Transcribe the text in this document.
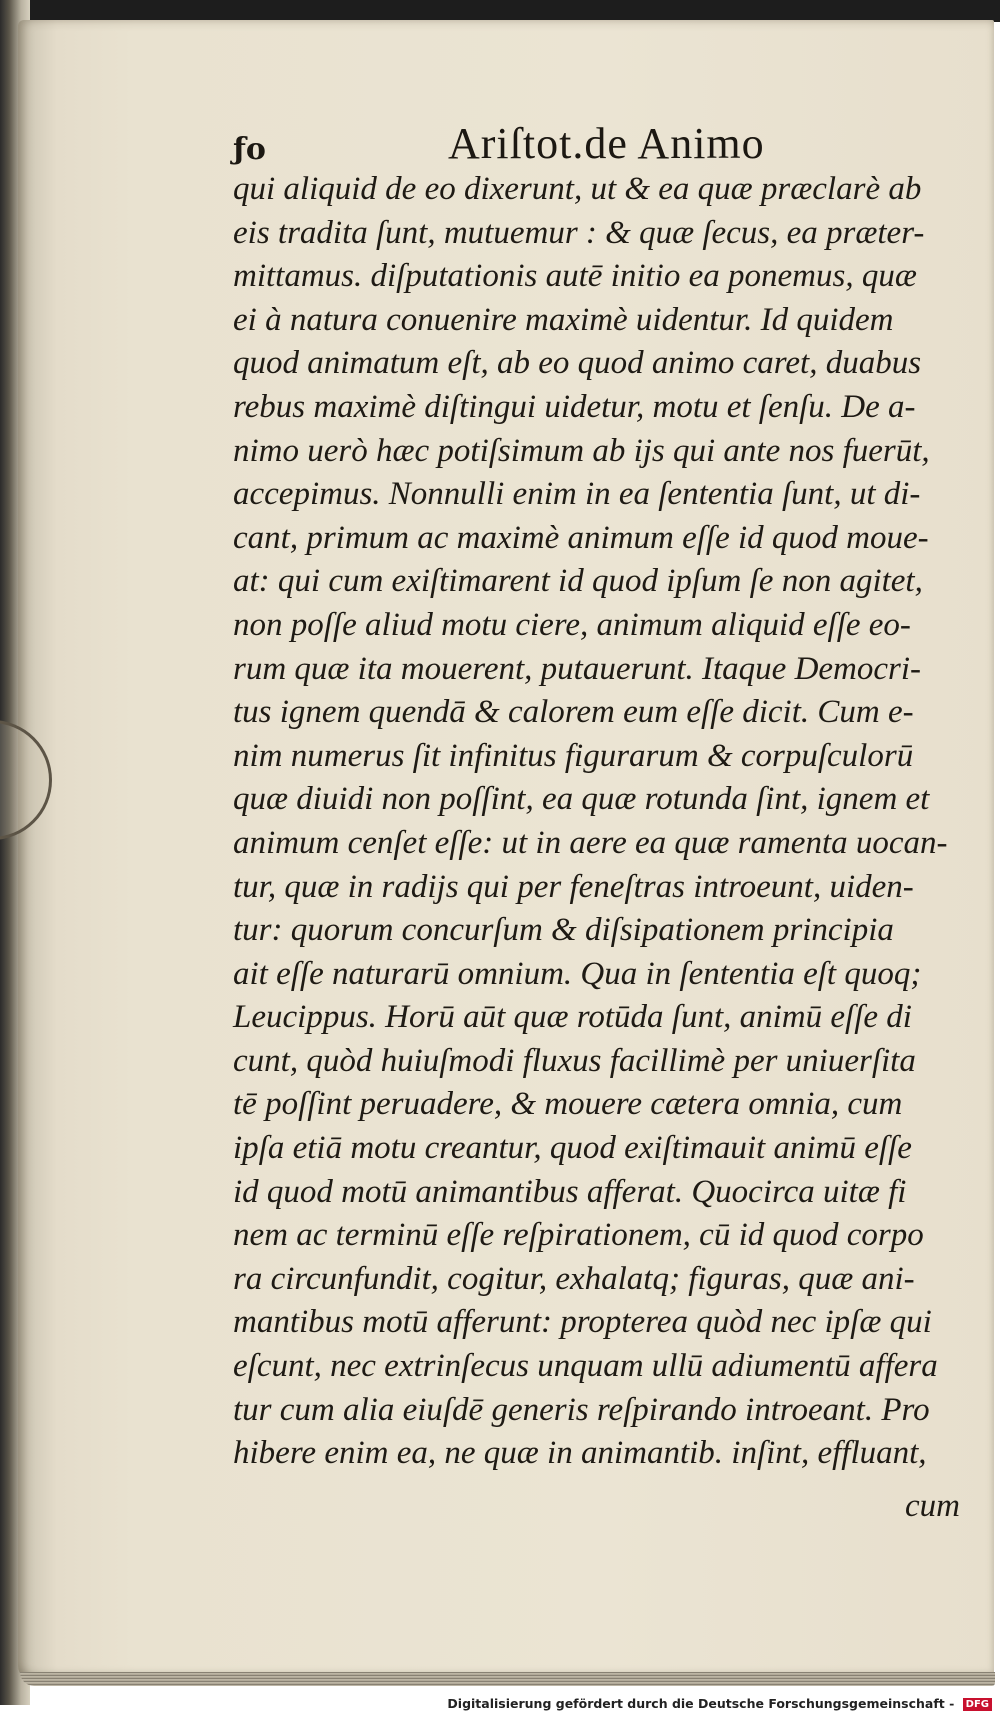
ƒo	Ariſtot.de Animo
qui aliquid de eo dixerunt, ut & ea quæ præclarè ab
eis tradita ſunt, mutuemur : & quæ ſecus, ea præter-
mittamus. diſputationis autē initio ea ponemus, quæ
ei à natura conuenire maximè uidentur. Id quidem
quod animatum eſt, ab eo quod animo caret, duabus
rebus maximè diſtingui uidetur, motu et ſenſu. De a-
nimo uerò hæc potiſsimum ab ijs qui ante nos fuerūt,
accepimus. Nonnulli enim in ea ſententia ſunt, ut di-
cant, primum ac maximè animum eſſe id quod moue-
at: qui cum exiſtimarent id quod ipſum ſe non agitet,
non poſſe aliud motu ciere, animum aliquid eſſe eo-
rum quæ ita mouerent, putauerunt. Itaque Democri-
tus ignem quendā & calorem eum eſſe dicit. Cum e-
nim numerus ſit infinitus figurarum & corpuſculorū
quæ diuidi non poſſint, ea quæ rotunda ſint, ignem et
animum cenſet eſſe: ut in aere ea quæ ramenta uocan-
tur, quæ in radijs qui per feneſtras introeunt, uiden-
tur: quorum concurſum & diſsipationem principia
ait eſſe naturarū omnium. Qua in ſententia eſt quoq;
Leucippus. Horū aūt quæ rotūda ſunt, animū eſſe di
cunt, quòd huiuſmodi fluxus facillimè per uniuerſita
tē poſſint peruadere, & mouere cætera omnia, cum
ipſa etiā motu creantur, quod exiſtimauit animū eſſe
id quod motū animantibus afferat. Quocirca uitæ fi
nem ac terminū eſſe reſpirationem, cū id quod corpo
ra circunfundit, cogitur, exhalatq; figuras, quæ ani-
mantibus motū afferunt: propterea quòd nec ipſæ qui
eſcunt, nec extrinſecus unquam ullū adiumentū affera
tur cum alia eiuſdē generis reſpirando introeant. Pro
hibere enim ea, ne quæ in animantib. inſint, effluant,
cum
Digitalisierung gefördert durch die Deutsche Forschungsgemeinschaft - DFG
